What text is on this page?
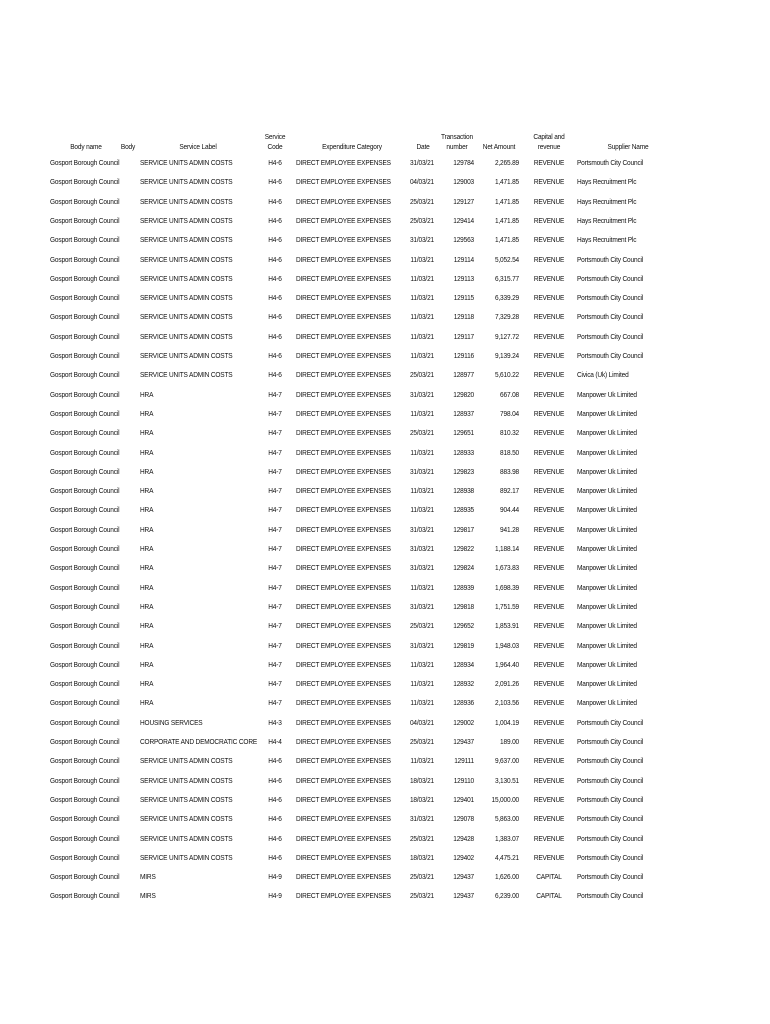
Body name	Body	Service Label
Service
Code	Expenditure Category	Date
Transaction
number	Net Amount
Capital and
revenue	Supplier Name
Gosport Borough Council	SERVICE UNITS ADMIN COSTS	H4-6	DIRECT EMPLOYEE EXPENSES	31/03/21	129784	2,265.89	REVENUE	Portsmouth City Council
Gosport Borough Council	SERVICE UNITS ADMIN COSTS	H4-6	DIRECT EMPLOYEE EXPENSES	04/03/21	129003	1,471.85	REVENUE	Hays Recruitment Plc
Gosport Borough Council	SERVICE UNITS ADMIN COSTS	H4-6	DIRECT EMPLOYEE EXPENSES	25/03/21	129127	1,471.85	REVENUE	Hays Recruitment Plc
Gosport Borough Council	SERVICE UNITS ADMIN COSTS	H4-6	DIRECT EMPLOYEE EXPENSES	25/03/21	129414	1,471.85	REVENUE	Hays Recruitment Plc
Gosport Borough Council	SERVICE UNITS ADMIN COSTS	H4-6	DIRECT EMPLOYEE EXPENSES	31/03/21	129563	1,471.85	REVENUE	Hays Recruitment Plc
Gosport Borough Council	SERVICE UNITS ADMIN COSTS	H4-6	DIRECT EMPLOYEE EXPENSES	11/03/21	129114	5,052.54	REVENUE	Portsmouth City Council
Gosport Borough Council	SERVICE UNITS ADMIN COSTS	H4-6	DIRECT EMPLOYEE EXPENSES	11/03/21	129113	6,315.77	REVENUE	Portsmouth City Council
Gosport Borough Council	SERVICE UNITS ADMIN COSTS	H4-6	DIRECT EMPLOYEE EXPENSES	11/03/21	129115	6,339.29	REVENUE	Portsmouth City Council
Gosport Borough Council	SERVICE UNITS ADMIN COSTS	H4-6	DIRECT EMPLOYEE EXPENSES	11/03/21	129118	7,329.28	REVENUE	Portsmouth City Council
Gosport Borough Council	SERVICE UNITS ADMIN COSTS	H4-6	DIRECT EMPLOYEE EXPENSES	11/03/21	129117	9,127.72	REVENUE	Portsmouth City Council
Gosport Borough Council	SERVICE UNITS ADMIN COSTS	H4-6	DIRECT EMPLOYEE EXPENSES	11/03/21	129116	9,139.24	REVENUE	Portsmouth City Council
Gosport Borough Council	SERVICE UNITS ADMIN COSTS	H4-6	DIRECT EMPLOYEE EXPENSES	25/03/21	128977	5,610.22	REVENUE	Civica (Uk) Limited
Gosport Borough Council	HRA	H4-7	DIRECT EMPLOYEE EXPENSES	31/03/21	129820	667.08	REVENUE	Manpower Uk Limited
Gosport Borough Council	HRA	H4-7	DIRECT EMPLOYEE EXPENSES	11/03/21	128937	798.04	REVENUE	Manpower Uk Limited
Gosport Borough Council	HRA	H4-7	DIRECT EMPLOYEE EXPENSES	25/03/21	129651	810.32	REVENUE	Manpower Uk Limited
Gosport Borough Council	HRA	H4-7	DIRECT EMPLOYEE EXPENSES	11/03/21	128933	818.50	REVENUE	Manpower Uk Limited
Gosport Borough Council	HRA	H4-7	DIRECT EMPLOYEE EXPENSES	31/03/21	129823	883.98	REVENUE	Manpower Uk Limited
Gosport Borough Council	HRA	H4-7	DIRECT EMPLOYEE EXPENSES	11/03/21	128938	892.17	REVENUE	Manpower Uk Limited
Gosport Borough Council	HRA	H4-7	DIRECT EMPLOYEE EXPENSES	11/03/21	128935	904.44	REVENUE	Manpower Uk Limited
Gosport Borough Council	HRA	H4-7	DIRECT EMPLOYEE EXPENSES	31/03/21	129817	941.28	REVENUE	Manpower Uk Limited
Gosport Borough Council	HRA	H4-7	DIRECT EMPLOYEE EXPENSES	31/03/21	129822	1,188.14	REVENUE	Manpower Uk Limited
Gosport Borough Council	HRA	H4-7	DIRECT EMPLOYEE EXPENSES	31/03/21	129824	1,673.83	REVENUE	Manpower Uk Limited
Gosport Borough Council	HRA	H4-7	DIRECT EMPLOYEE EXPENSES	11/03/21	128939	1,698.39	REVENUE	Manpower Uk Limited
Gosport Borough Council	HRA	H4-7	DIRECT EMPLOYEE EXPENSES	31/03/21	129818	1,751.59	REVENUE	Manpower Uk Limited
Gosport Borough Council	HRA	H4-7	DIRECT EMPLOYEE EXPENSES	25/03/21	129652	1,853.91	REVENUE	Manpower Uk Limited
Gosport Borough Council	HRA	H4-7	DIRECT EMPLOYEE EXPENSES	31/03/21	129819	1,948.03	REVENUE	Manpower Uk Limited
Gosport Borough Council	HRA	H4-7	DIRECT EMPLOYEE EXPENSES	11/03/21	128934	1,964.40	REVENUE	Manpower Uk Limited
Gosport Borough Council	HRA	H4-7	DIRECT EMPLOYEE EXPENSES	11/03/21	128932	2,091.26	REVENUE	Manpower Uk Limited
Gosport Borough Council	HRA	H4-7	DIRECT EMPLOYEE EXPENSES	11/03/21	128936	2,103.56	REVENUE	Manpower Uk Limited
Gosport Borough Council	HOUSING SERVICES	H4-3	DIRECT EMPLOYEE EXPENSES	04/03/21	129002	1,004.19	REVENUE	Portsmouth City Council
Gosport Borough Council	CORPORATE AND DEMOCRATIC CORE	H4-4	DIRECT EMPLOYEE EXPENSES	25/03/21	129437	189.00	REVENUE	Portsmouth City Council
Gosport Borough Council	SERVICE UNITS ADMIN COSTS	H4-6	DIRECT EMPLOYEE EXPENSES	11/03/21	129111	9,637.00	REVENUE	Portsmouth City Council
Gosport Borough Council	SERVICE UNITS ADMIN COSTS	H4-6	DIRECT EMPLOYEE EXPENSES	18/03/21	129110	3,130.51	REVENUE	Portsmouth City Council
Gosport Borough Council	SERVICE UNITS ADMIN COSTS	H4-6	DIRECT EMPLOYEE EXPENSES	18/03/21	129401	15,000.00	REVENUE	Portsmouth City Council
Gosport Borough Council	SERVICE UNITS ADMIN COSTS	H4-6	DIRECT EMPLOYEE EXPENSES	31/03/21	129078	5,863.00	REVENUE	Portsmouth City Council
Gosport Borough Council	SERVICE UNITS ADMIN COSTS	H4-6	DIRECT EMPLOYEE EXPENSES	25/03/21	129428	1,383.07	REVENUE	Portsmouth City Council
Gosport Borough Council	SERVICE UNITS ADMIN COSTS	H4-6	DIRECT EMPLOYEE EXPENSES	18/03/21	129402	4,475.21	REVENUE	Portsmouth City Council
Gosport Borough Council	MIRS	H4-9	DIRECT EMPLOYEE EXPENSES	25/03/21	129437	1,626.00	CAPITAL	Portsmouth City Council
Gosport Borough Council	MIRS	H4-9	DIRECT EMPLOYEE EXPENSES	25/03/21	129437	6,239.00	CAPITAL	Portsmouth City Council
